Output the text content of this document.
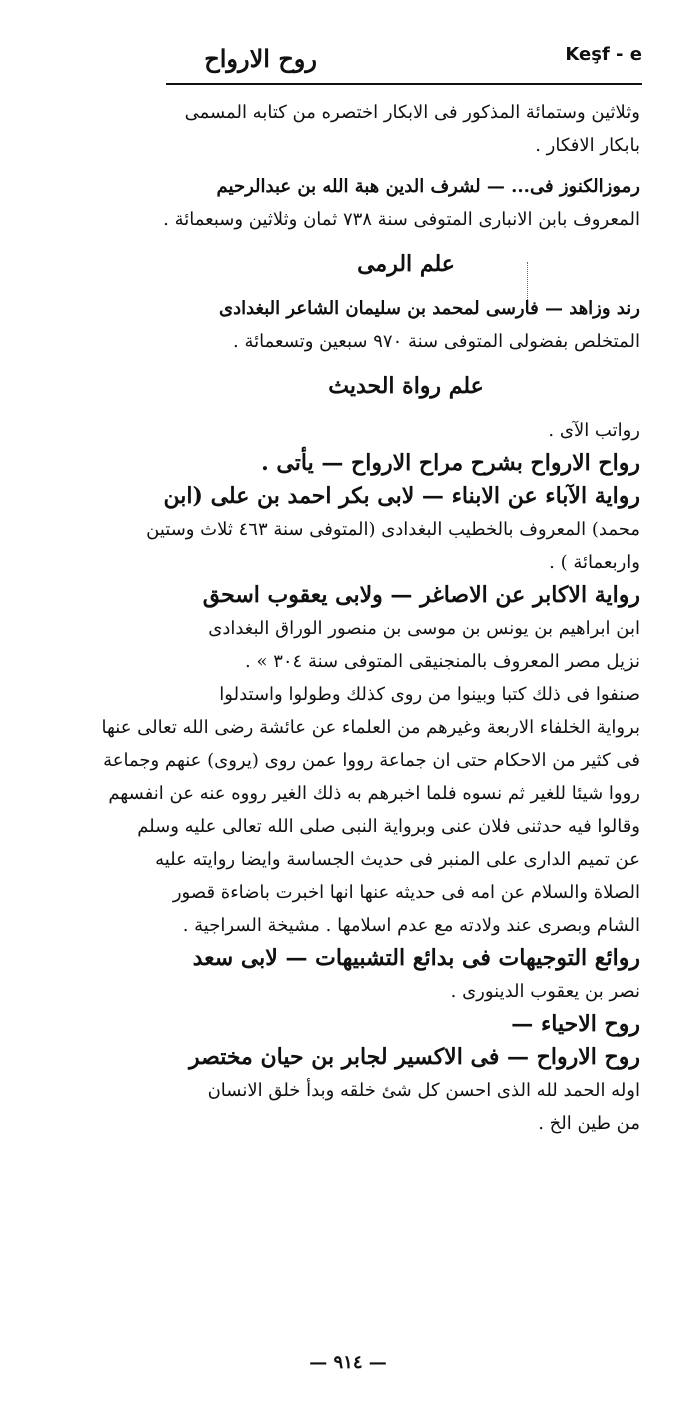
روح الارواح	Keşf - e
وثلاثين وستمائة المذكور فى الابكار اختصره من كتابه المسمى
بابكار الافكار .
رموزالكنوز فى... — لشرف الدين هبة الله بن عبدالرحيم
المعروف بابن الانبارى المتوفى سنة ٧٣٨ ثمان وثلاثين وسبعمائة .
علم الرمى
رند وزاهد — فارسى لمحمد بن سليمان الشاعر البغدادى
المتخلص بفضولى المتوفى سنة ٩٧٠ سبعين وتسعمائة .
علم رواة الحديث
رواتب الآى .
رواح الارواح بشرح مراح الارواح — يأتى .
رواية الآباء عن الابناء — لابى بكر احمد بن على (ابن
محمد) المعروف بالخطيب البغدادى (المتوفى سنة ٤٦٣ ثلاث وستين
واربعمائة ) .
رواية الاكابر عن الاصاغر — ولابى يعقوب اسحق
ابن ابراهيم بن يونس بن موسى بن منصور الوراق البغدادى
نزيل مصر المعروف بالمنجنيقى المتوفى سنة ٣٠٤ » .
صنفوا فى ذلك كتبا وبينوا من روى كذلك وطولوا واستدلوا
برواية الخلفاء الاربعة وغيرهم من العلماء عن عائشة رضى الله تعالى عنها
فى كثير من الاحكام حتى ان جماعة رووا عمن روى (يروى) عنهم وجماعة
رووا شيئا للغير ثم نسوه فلما اخبرهم به ذلك الغير رووه عنه عن انفسهم
وقالوا فيه حدثنى فلان عنى وبرواية النبى صلى الله تعالى عليه وسلم
عن تميم الدارى على المنبر فى حديث الجساسة وايضا روايته عليه
الصلاة والسلام عن امه فى حديثه عنها انها اخبرت باضاءة قصور
الشام وبصرى عند ولادته مع عدم اسلامها . مشيخة السراجية .
روائع التوجيهات فى بدائع التشبيهات — لابى سعد
نصر بن يعقوب الدينورى .
روح الاحياء —
روح الارواح — فى الاكسير لجابر بن حيان مختصر
اوله الحمد لله الذى احسن كل شئ خلقه وبدأ خلق الانسان
من طين الخ .
— ٩١٤ —
